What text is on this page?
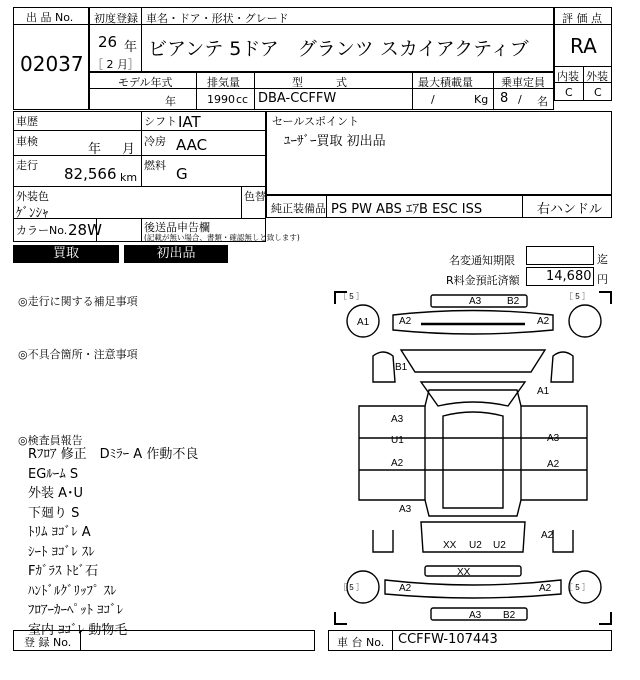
出 品 No.
02037
初度登録 車名・ドア・形状・グレード
26 年
［ 2 月］
ビアンテ 5ドア　グランツ スカイアクティブ
評 価 点
RA
内装 外装
C C
モデル年式	排気量	型　　　式	最大積載量	乗車定員
年	1990 cc DBA-CCFFW	/	Kg 8 / 名
車歴	シフト IAT
車検
年 月
冷房 AAC
走行 82,566 km
燃料 G
外装色
ｹﾞﾝｼｬ
色替
カラーNo. 28W	後送品申告欄
(記載が無い場合、書類・確認無しと致します)
セールスポイント
ﾕｰｻﾞｰ買取 初出品
純正装備品 PS PW ABS ｴｱB ESC ISS	右ハンドル
買取	初出品	名変通知期限	迄
R料金預託済額 14,680 円
◎走行に関する補足事項
◎不具合箇所・注意事項
◎検査員報告
Rﾌﾛｱ 修正　Dﾐﾗｰ A 作動不良
EGﾙｰﾑ S
外装 A･U
下廻り S
ﾄﾘﾑ ﾖｺﾞﾚ A
ｼｰﾄ ﾖｺﾞﾚ ｽﾚ
Fｶﾞﾗｽ ﾄﾋﾞ石
ﾊﾝﾄﾞﾙｸﾞﾘｯﾌﾟ ｽﾚ
ﾌﾛｱｰｶｰﾍﾟｯﾄ ﾖｺﾞﾚ
室内 ﾖｺﾞﾚ 動物毛
［ 5 ］	［ 5 ］
［ 5 ］	［ 5 ］
A3	B2
A2	A2
A1
B1
A1
A3
U1
A2
A3
A2
A3
A2
XX U2 U2
XX
A2
A3 B2
A2
登 録 No.	車 台 No. CCFFW-107443
